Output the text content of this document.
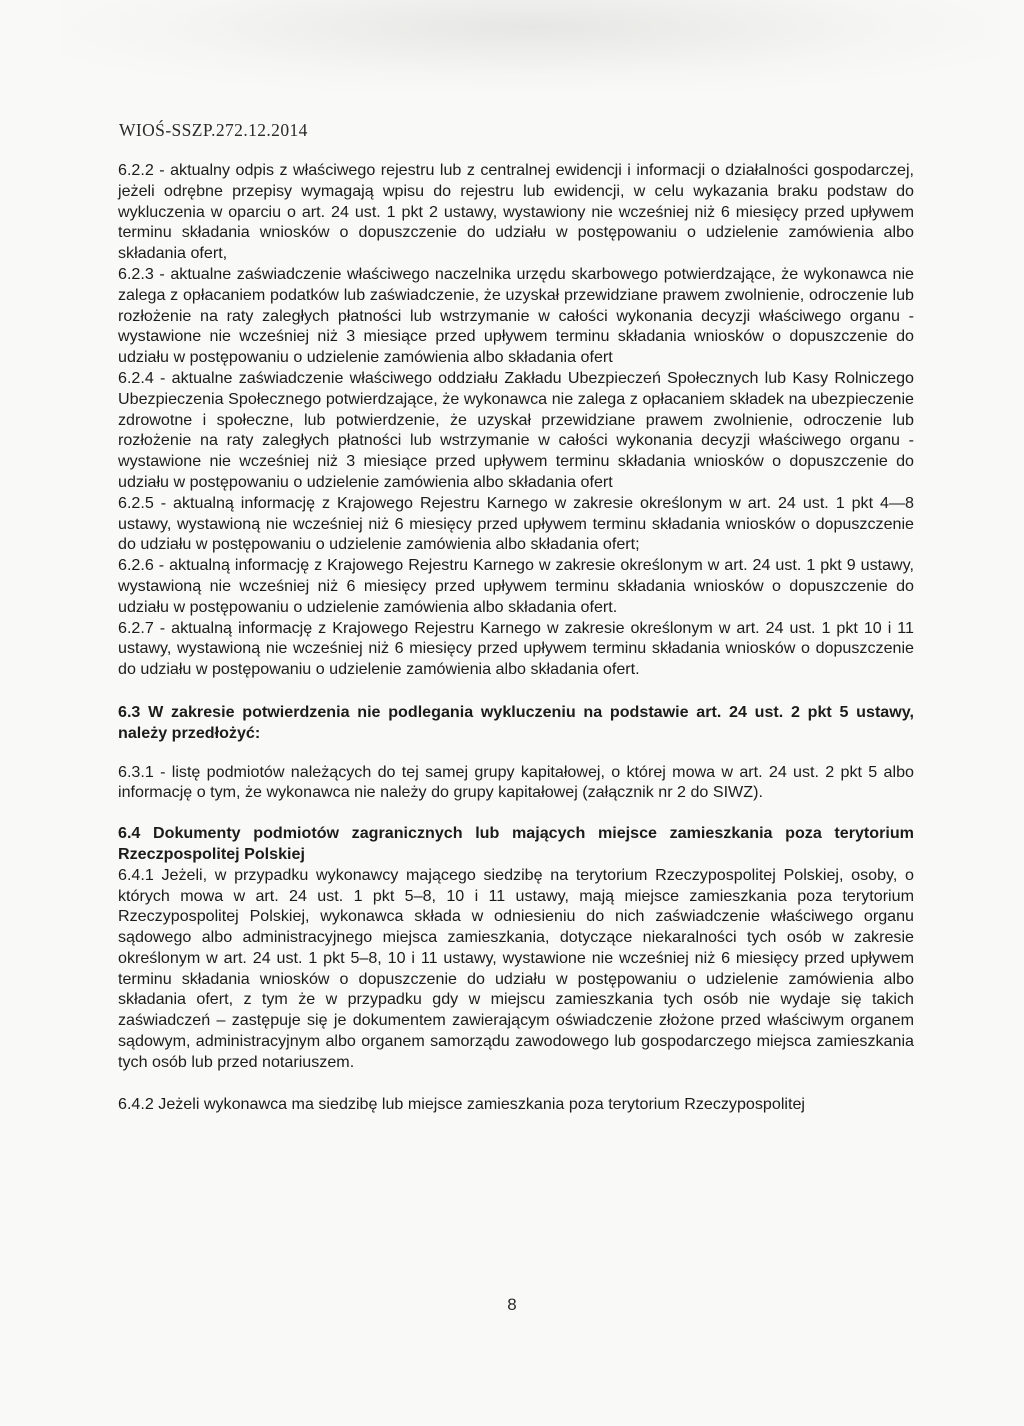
WIOŚ-SSZP.272.12.2014

6.2.2 - aktualny odpis z właściwego rejestru lub z centralnej ewidencji i informacji o działalności gospodarczej, jeżeli odrębne przepisy wymagają wpisu do rejestru lub ewidencji, w celu wykazania braku podstaw do wykluczenia w oparciu o art. 24 ust. 1 pkt 2 ustawy, wystawiony nie wcześniej niż 6 miesięcy przed upływem terminu składania wniosków o dopuszczenie do udziału w postępowaniu o udzielenie zamówienia albo składania ofert,

6.2.3 - aktualne zaświadczenie właściwego naczelnika urzędu skarbowego potwierdzające, że wykonawca nie zalega z opłacaniem podatków lub zaświadczenie, że uzyskał przewidziane prawem zwolnienie, odroczenie lub rozłożenie na raty zaległych płatności lub wstrzymanie w całości wykonania decyzji właściwego organu - wystawione nie wcześniej niż 3 miesiące przed upływem terminu składania wniosków o dopuszczenie do udziału w postępowaniu o udzielenie zamówienia albo składania ofert

6.2.4 - aktualne zaświadczenie właściwego oddziału Zakładu Ubezpieczeń Społecznych lub Kasy Rolniczego Ubezpieczenia Społecznego potwierdzające, że wykonawca nie zalega z opłacaniem składek na ubezpieczenie zdrowotne i społeczne, lub potwierdzenie, że uzyskał przewidziane prawem zwolnienie, odroczenie lub rozłożenie na raty zaległych płatności lub wstrzymanie w całości wykonania decyzji właściwego organu - wystawione nie wcześniej niż 3 miesiące przed upływem terminu składania wniosków o dopuszczenie do udziału w postępowaniu o udzielenie zamówienia albo składania ofert

6.2.5 - aktualną informację z Krajowego Rejestru Karnego w zakresie określonym w art. 24 ust. 1 pkt 4—8 ustawy, wystawioną nie wcześniej niż 6 miesięcy przed upływem terminu składania wniosków o dopuszczenie do udziału w postępowaniu o udzielenie zamówienia albo składania ofert;

6.2.6 - aktualną informację z Krajowego Rejestru Karnego w zakresie określonym w art. 24 ust. 1 pkt 9 ustawy, wystawioną nie wcześniej niż 6 miesięcy przed upływem terminu składania wniosków o dopuszczenie do udziału w postępowaniu o udzielenie zamówienia albo składania ofert.

6.2.7 - aktualną informację z Krajowego Rejestru Karnego w zakresie określonym w art. 24 ust. 1 pkt 10 i 11 ustawy, wystawioną nie wcześniej niż 6 miesięcy przed upływem terminu składania wniosków o dopuszczenie do udziału w postępowaniu o udzielenie zamówienia albo składania ofert.

6.3 W zakresie potwierdzenia nie podlegania wykluczeniu na podstawie art. 24 ust. 2 pkt 5 ustawy, należy przedłożyć:

6.3.1 - listę podmiotów należących do tej samej grupy kapitałowej, o której mowa w art. 24 ust. 2 pkt 5 albo informację o tym, że wykonawca nie należy do grupy kapitałowej (załącznik nr 2 do SIWZ).

6.4 Dokumenty podmiotów zagranicznych lub mających miejsce zamieszkania poza terytorium Rzeczpospolitej Polskiej

6.4.1 Jeżeli, w przypadku wykonawcy mającego siedzibę na terytorium Rzeczypospolitej Polskiej, osoby, o których mowa w art. 24 ust. 1 pkt 5–8, 10 i 11 ustawy, mają miejsce zamieszkania poza terytorium Rzeczypospolitej Polskiej, wykonawca składa w odniesieniu do nich zaświadczenie właściwego organu sądowego albo administracyjnego miejsca zamieszkania, dotyczące niekaralności tych osób w zakresie określonym w art. 24 ust. 1 pkt 5–8, 10 i 11 ustawy, wystawione nie wcześniej niż 6 miesięcy przed upływem terminu składania wniosków o dopuszczenie do udziału w postępowaniu o udzielenie zamówienia albo składania ofert, z tym że w przypadku gdy w miejscu zamieszkania tych osób nie wydaje się takich zaświadczeń – zastępuje się je dokumentem zawierającym oświadczenie złożone przed właściwym organem sądowym, administracyjnym albo organem samorządu zawodowego lub gospodarczego miejsca zamieszkania tych osób lub przed notariuszem.

6.4.2 Jeżeli wykonawca ma siedzibę lub miejsce zamieszkania poza terytorium Rzeczypospolitej

8
